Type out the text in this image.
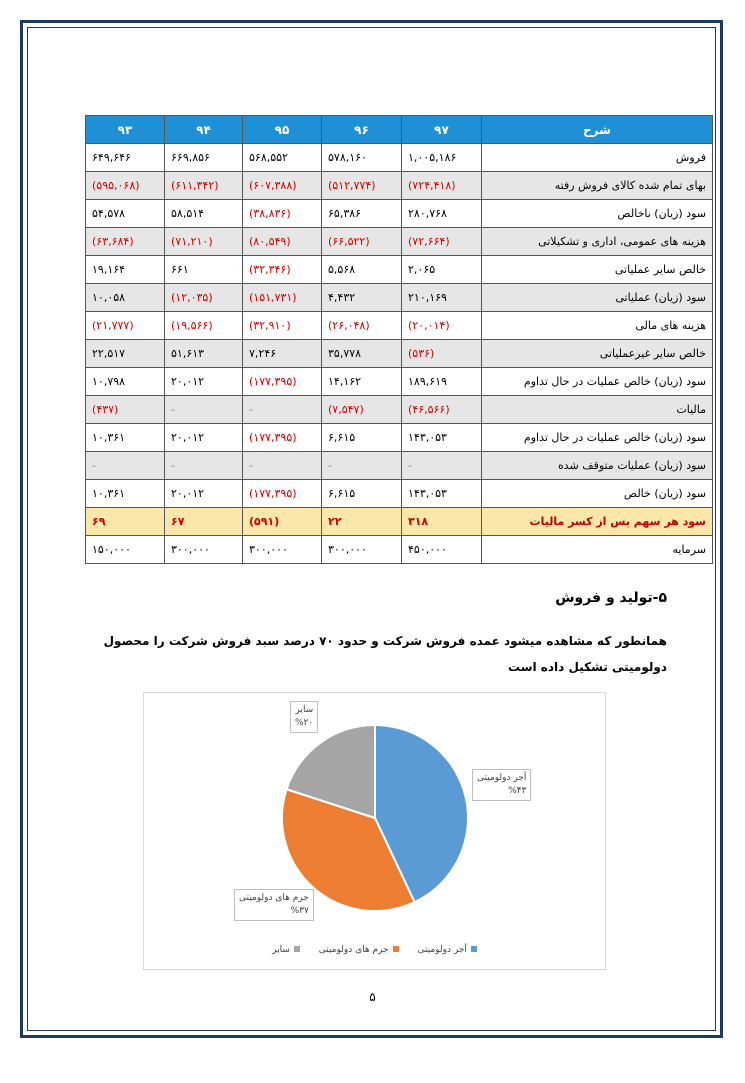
شرح	۹۷	۹۶	۹۵	۹۴	۹۳
فروش	۱,۰۰۵,۱۸۶	۵۷۸,۱۶۰	۵۶۸,۵۵۲	۶۶۹,۸۵۶	۶۴۹,۶۴۶
بهای تمام شده کالای فروش رفته	(۷۲۴,۴۱۸)	(۵۱۲,۷۷۴)	(۶۰۷,۳۸۸)	(۶۱۱,۳۴۲)	(۵۹۵,۰۶۸)
سود (زیان) ناخالص	۲۸۰,۷۶۸	۶۵,۳۸۶	(۳۸,۸۳۶)	۵۸,۵۱۴	۵۴,۵۷۸
هزینه های عمومی، اداری و تشکیلاتی	(۷۲,۶۶۴)	(۶۶,۵۲۲)	(۸۰,۵۴۹)	(۷۱,۲۱۰)	(۶۳,۶۸۴)
خالص سایر عملیاتی	۲,۰۶۵	۵,۵۶۸	(۳۲,۳۴۶)	۶۶۱	۱۹,۱۶۴
سود (زیان) عملیاتی	۲۱۰,۱۶۹	۴,۴۳۲	(۱۵۱,۷۳۱)	(۱۲,۰۳۵)	۱۰,۰۵۸
هزینه های مالی	(۲۰,۰۱۴)	(۲۶,۰۴۸)	(۳۲,۹۱۰)	(۱۹,۵۶۶)	(۲۱,۷۷۷)
خالص سایر غیرعملیاتی	(۵۳۶)	۳۵,۷۷۸	۷,۲۴۶	۵۱,۶۱۳	۲۲,۵۱۷
سود (زیان) خالص عملیات در حال تداوم	۱۸۹,۶۱۹	۱۴,۱۶۲	(۱۷۷,۳۹۵)	۲۰,۰۱۲	۱۰,۷۹۸
مالیات	(۴۶,۵۶۶)	(۷,۵۴۷)	-	-	(۴۳۷)
سود (زیان) خالص عملیات در حال تداوم	۱۴۳,۰۵۳	۶,۶۱۵	(۱۷۷,۳۹۵)	۲۰,۰۱۲	۱۰,۳۶۱
سود (زیان) عملیات متوقف شده	-	-	-	-	-
سود (زیان) خالص	۱۴۳,۰۵۳	۶,۶۱۵	(۱۷۷,۳۹۵)	۲۰,۰۱۲	۱۰,۳۶۱
سود هر سهم پس از کسر مالیات	۳۱۸	۲۲	(۵۹۱)	۶۷	۶۹
سرمایه	۴۵۰,۰۰۰	۳۰۰,۰۰۰	۳۰۰,۰۰۰	۳۰۰,۰۰۰	۱۵۰,۰۰۰
۵-تولید و فروش
همانطور که مشاهده میشود عمده فروش شرکت و حدود ۷۰ درصد سبد فروش شرکت را محصول دولومیتی تشکیل داده است
آجر دولومیتی
%۴۳
جرم های دولومیتی
%۳۷
سایر
%۲۰
آجر دولومیتی جرم های دولومیتی سایر
۵
